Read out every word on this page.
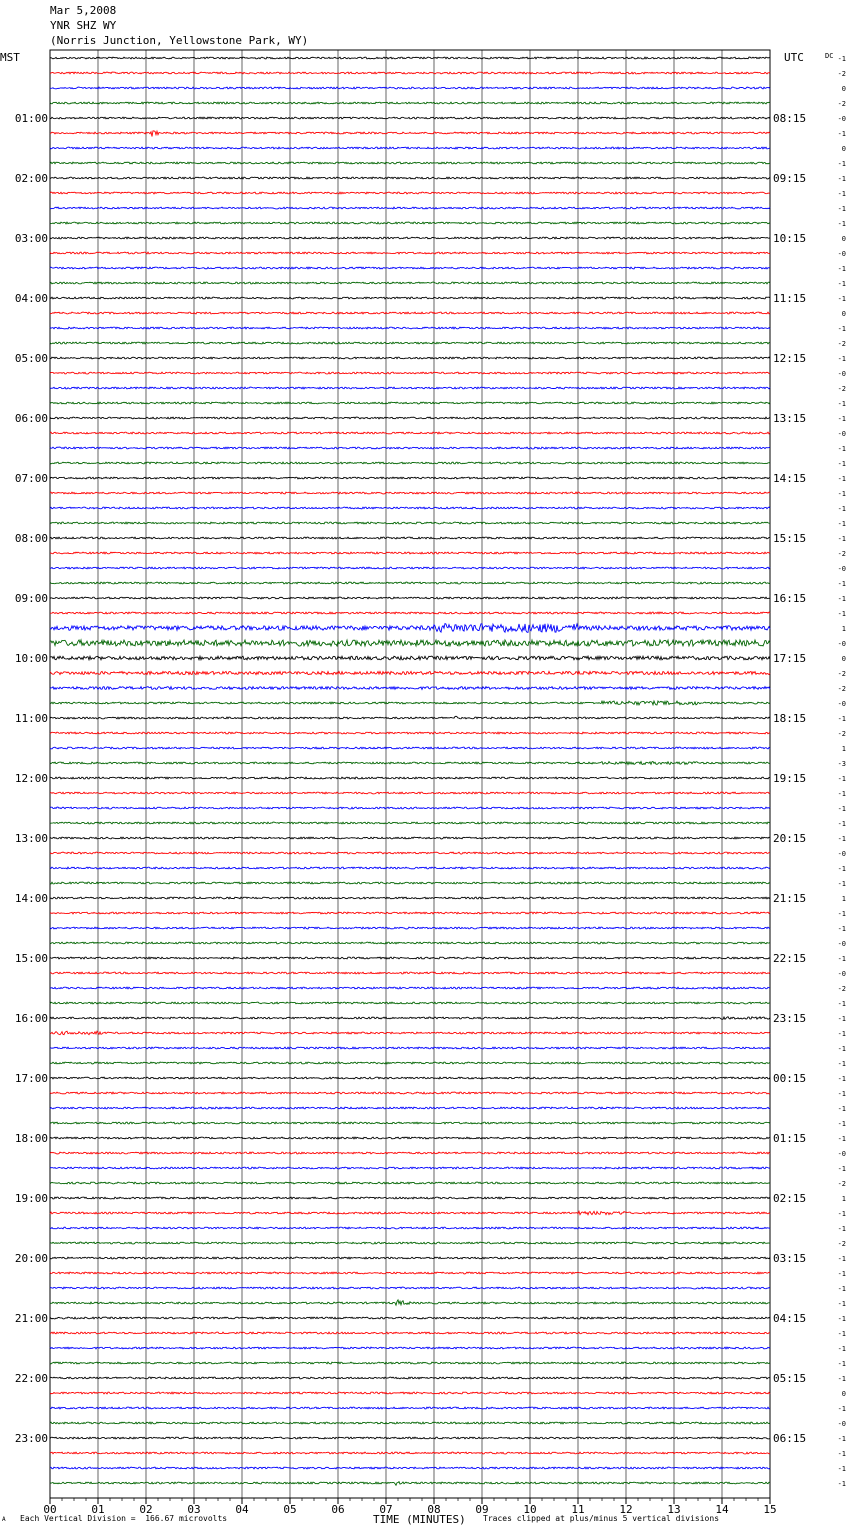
Mar 5,2008
YNR SHZ WY
(Norris Junction, Yellowstone Park, WY)
00	01	02	03	04	05	06	07	08	09	10	11	12	13	14	15
-1
-2
0
-2
-0
-1
0
-1
-1
-1
-1
-1
0
-0
-1
-1
-1
0
-1
-2
-1
-0
-2
-1
-1
-0
-1
-1
-1
-1
-1
-1
-1
-2
-0
-1
-1
-1
1
-0
0
-2
-2
-0
-1
-2
1
-3
-1
-1
-1
-1
-1
-0
-1
-1
1
-1
-1
-0
-1
-0
-2
-1
-1
-1
-1
-1
-1
-1
-1
-1
-1
-0
-1
-2
1
-1
-1
-2
-1
-1
-1
-1
-1
-1
-1
-1
-1
0
-1
-0
-1
-1
-1
-1
01:00
02:00
03:00
04:00
05:00
06:00
07:00
08:00
09:00
10:00
11:00
12:00
13:00
14:00
15:00
16:00
17:00
18:00
19:00
20:00
21:00
22:00
23:00
08:15
09:15
10:15
11:15
12:15
13:15
14:15
15:15
16:15
17:15
18:15
19:15
20:15
21:15
22:15
23:15
00:15
01:15
02:15
03:15
04:15
05:15
06:15
MST	UTC	DC
TIME (MINUTES)
A Each Vertical Division =  166.67 microvolts	Traces clipped at plus/minus 5 vertical divisions
